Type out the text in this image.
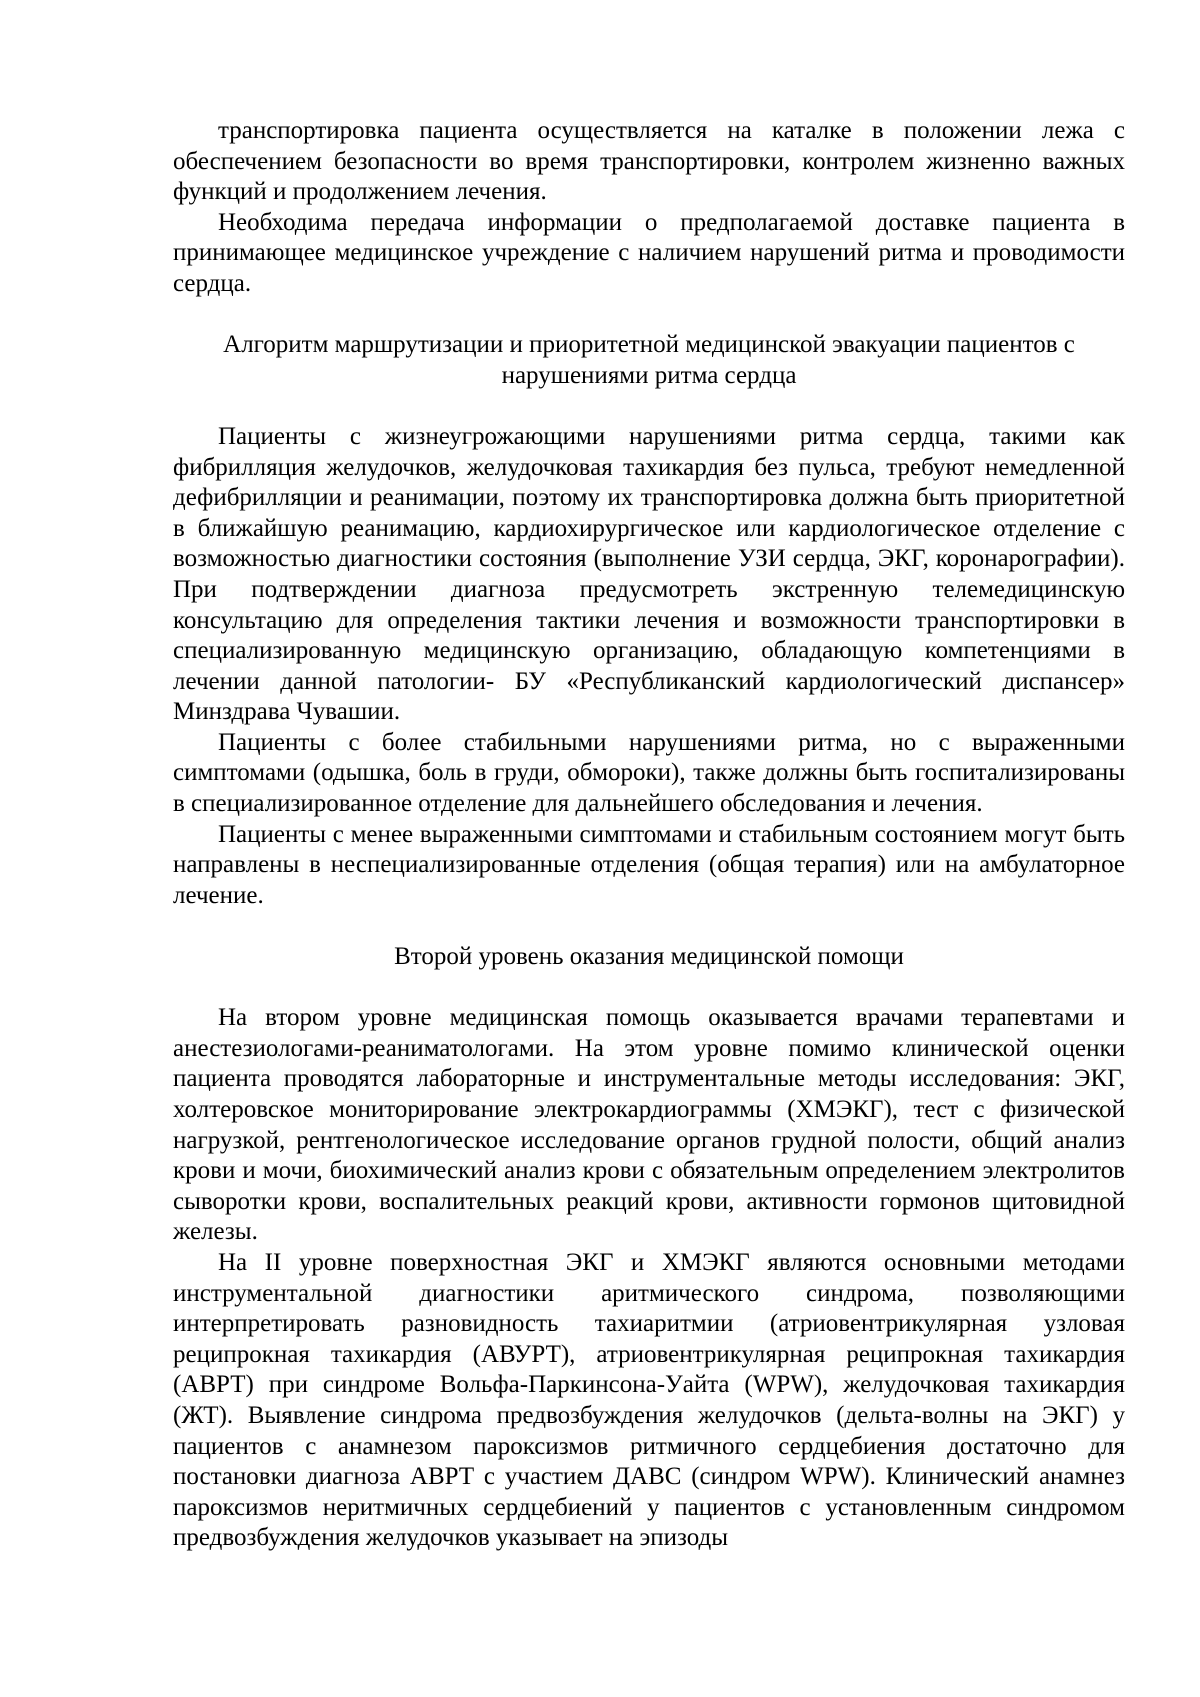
транспортировка пациента осуществляется на каталке в положении лежа с обеспечением безопасности во время транспортировки, контролем жизненно важных функций и продолжением лечения.

Необходима передача информации о предполагаемой доставке пациента в принимающее медицинское учреждение с наличием нарушений ритма и проводимости сердца.

Алгоритм маршрутизации и приоритетной медицинской эвакуации пациентов с нарушениями ритма сердца

Пациенты с жизнеугрожающими нарушениями ритма сердца, такими как фибрилляция желудочков, желудочковая тахикардия без пульса, требуют немедленной дефибрилляции и реанимации, поэтому их транспортировка должна быть приоритетной в ближайшую реанимацию, кардиохирургическое или кардиологическое отделение с возможностью диагностики состояния (выполнение УЗИ сердца, ЭКГ, коронарографии). При подтверждении диагноза предусмотреть экстренную телемедицинскую консультацию для определения тактики лечения и возможности транспортировки в специализированную медицинскую организацию, обладающую компетенциями в лечении данной патологии- БУ «Республиканский кардиологический диспансер» Минздрава Чувашии.

Пациенты с более стабильными нарушениями ритма, но с выраженными симптомами (одышка, боль в груди, обмороки), также должны быть госпитализированы в специализированное отделение для дальнейшего обследования и лечения.

Пациенты с менее выраженными симптомами и стабильным состоянием могут быть направлены в неспециализированные отделения (общая терапия) или на амбулаторное лечение.

Второй уровень оказания медицинской помощи

На втором уровне медицинская помощь оказывается врачами терапевтами и анестезиологами-реаниматологами. На этом уровне помимо клинической оценки пациента проводятся лабораторные и инструментальные методы исследования: ЭКГ, холтеровское мониторирование электрокардиограммы (ХМЭКГ), тест с физической нагрузкой, рентгенологическое исследование органов грудной полости, общий анализ крови и мочи, биохимический анализ крови с обязательным определением электролитов сыворотки крови, воспалительных реакций крови, активности гормонов щитовидной железы.

На II уровне поверхностная ЭКГ и ХМЭКГ являются основными методами инструментальной диагностики аритмического синдрома, позволяющими интерпретировать разновидность тахиаритмии (атриовентрикулярная узловая реципрокная тахикардия (АВУРТ), атриовентрикулярная реципрокная тахикардия (АВРТ) при синдроме Вольфа-Паркинсона-Уайта (WPW), желудочковая тахикардия (ЖТ). Выявление синдрома предвозбуждения желудочков (дельта-волны на ЭКГ) у пациентов с анамнезом пароксизмов ритмичного сердцебиения достаточно для постановки диагноза АВРТ с участием ДАВС (синдром WPW). Клинический анамнез пароксизмов неритмичных сердцебиений у пациентов с установленным синдромом предвозбуждения желудочков указывает на эпизоды
